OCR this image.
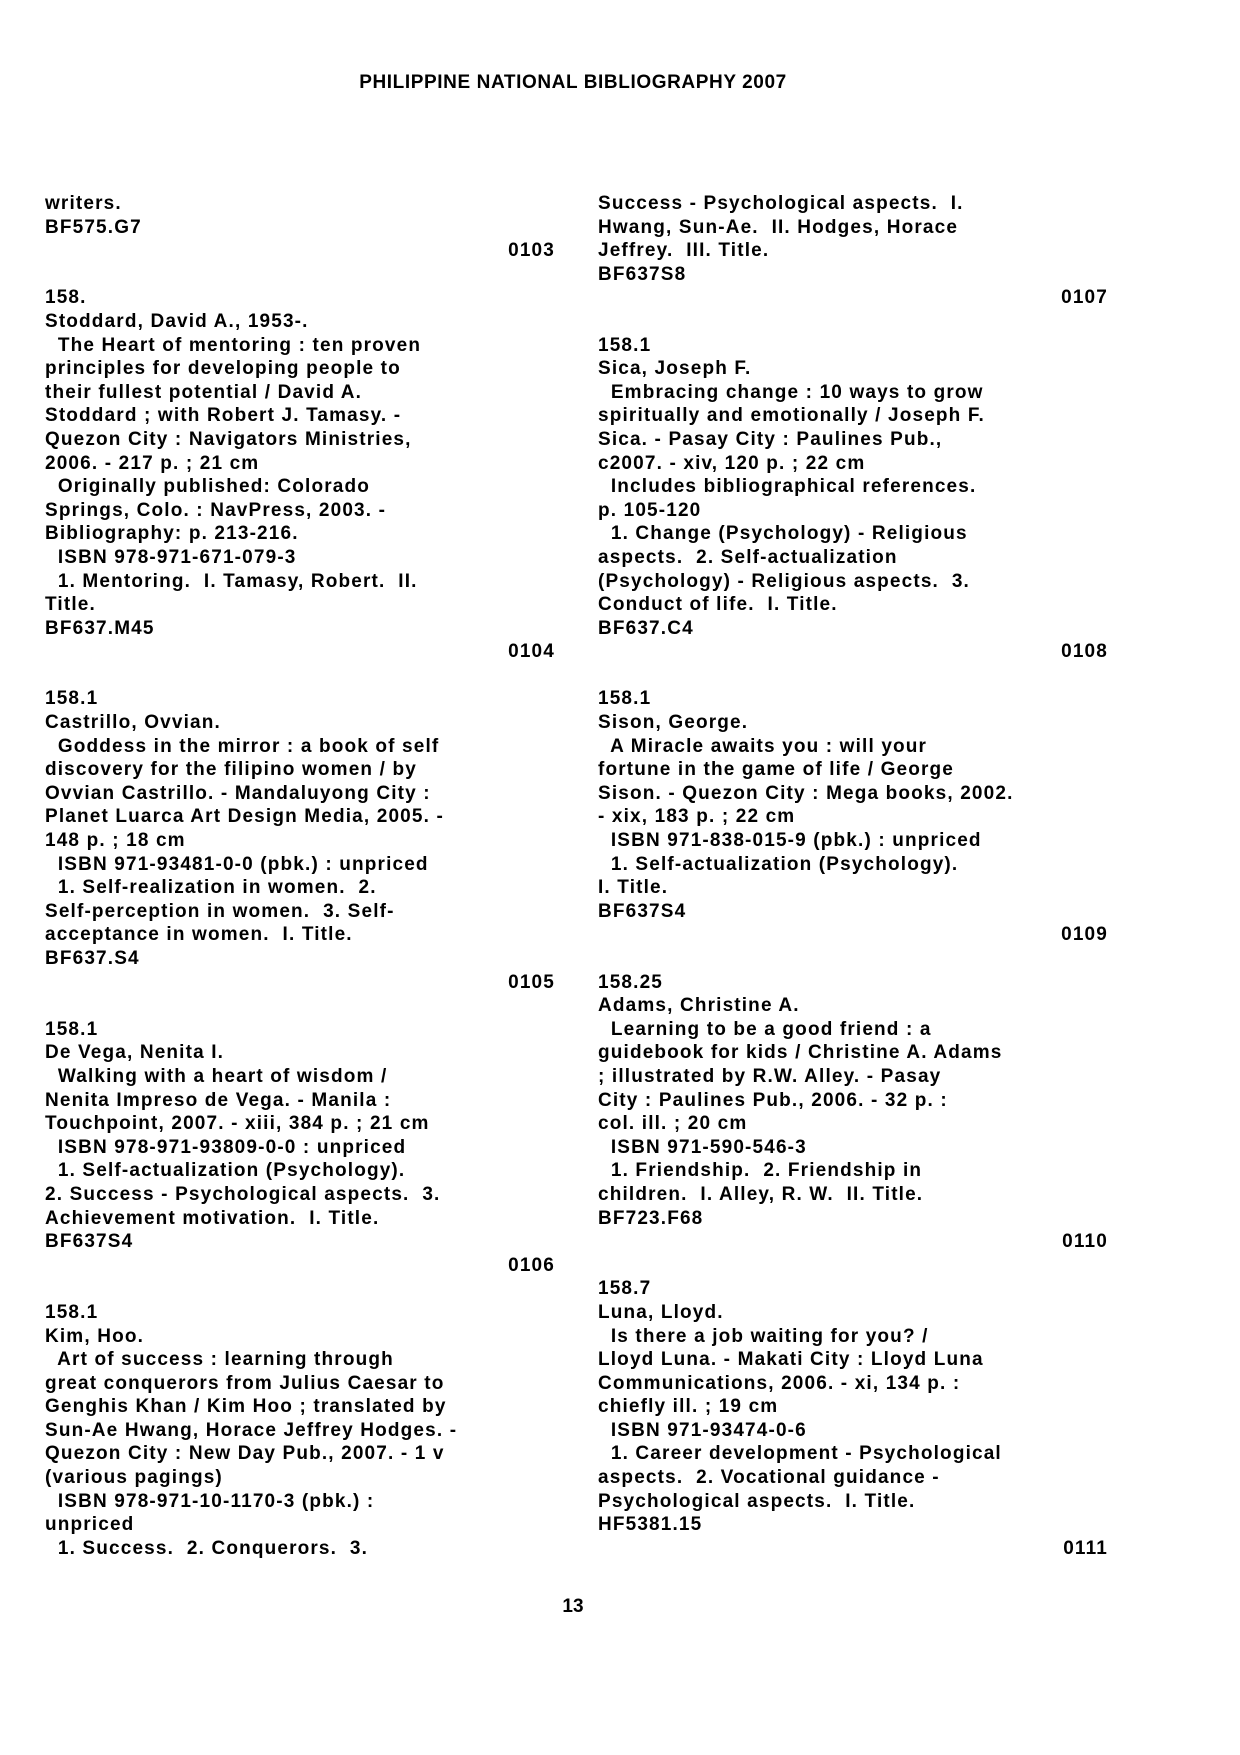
PHILIPPINE NATIONAL BIBLIOGRAPHY 2007
writers.
BF575.G7
0103
158.
Stoddard, David A., 1953-.
The Heart of mentoring : ten proven
principles for developing people to
their fullest potential / David A.
Stoddard ; with Robert J. Tamasy. -
Quezon City : Navigators Ministries,
2006. - 217 p. ; 21 cm
Originally published: Colorado
Springs, Colo. : NavPress, 2003. -
Bibliography: p. 213-216.
ISBN 978-971-671-079-3
1. Mentoring.  I. Tamasy, Robert.  II.
Title.
BF637.M45
0104
158.1
Castrillo, Ovvian.
Goddess in the mirror : a book of self
discovery for the filipino women / by
Ovvian Castrillo. - Mandaluyong City :
Planet Luarca Art Design Media, 2005. -
148 p. ; 18 cm
ISBN 971-93481-0-0 (pbk.) : unpriced
1. Self-realization in women.  2.
Self-perception in women.  3. Self-
acceptance in women.  I. Title.
BF637.S4
0105
158.1
De Vega, Nenita I.
Walking with a heart of wisdom /
Nenita Impreso de Vega. - Manila :
Touchpoint, 2007. - xiii, 384 p. ; 21 cm
ISBN 978-971-93809-0-0 : unpriced
1. Self-actualization (Psychology).
2. Success - Psychological aspects.  3.
Achievement motivation.  I. Title.
BF637S4
0106
158.1
Kim, Hoo.
Art of success : learning through
great conquerors from Julius Caesar to
Genghis Khan / Kim Hoo ; translated by
Sun-Ae Hwang, Horace Jeffrey Hodges. -
Quezon City : New Day Pub., 2007. - 1 v
(various pagings)
ISBN 978-971-10-1170-3 (pbk.) :
unpriced
1. Success.  2. Conquerors.  3.
Success - Psychological aspects.  I.
Hwang, Sun-Ae.  II. Hodges, Horace
Jeffrey.  III. Title.
BF637S8
0107
158.1
Sica, Joseph F.
Embracing change : 10 ways to grow
spiritually and emotionally / Joseph F.
Sica. - Pasay City : Paulines Pub.,
c2007. - xiv, 120 p. ; 22 cm
Includes bibliographical references.
p. 105-120
1. Change (Psychology) - Religious
aspects.  2. Self-actualization
(Psychology) - Religious aspects.  3.
Conduct of life.  I. Title.
BF637.C4
0108
158.1
Sison, George.
A Miracle awaits you : will your
fortune in the game of life / George
Sison. - Quezon City : Mega books, 2002.
- xix, 183 p. ; 22 cm
ISBN 971-838-015-9 (pbk.) : unpriced
1. Self-actualization (Psychology).
I. Title.
BF637S4
0109
158.25
Adams, Christine A.
Learning to be a good friend : a
guidebook for kids / Christine A. Adams
; illustrated by R.W. Alley. - Pasay
City : Paulines Pub., 2006. - 32 p. :
col. ill. ; 20 cm
ISBN 971-590-546-3
1. Friendship.  2. Friendship in
children.  I. Alley, R. W.  II. Title.
BF723.F68
0110
158.7
Luna, Lloyd.
Is there a job waiting for you? /
Lloyd Luna. - Makati City : Lloyd Luna
Communications, 2006. - xi, 134 p. :
chiefly ill. ; 19 cm
ISBN 971-93474-0-6
1. Career development - Psychological
aspects.  2. Vocational guidance -
Psychological aspects.  I. Title.
HF5381.15
0111
13
